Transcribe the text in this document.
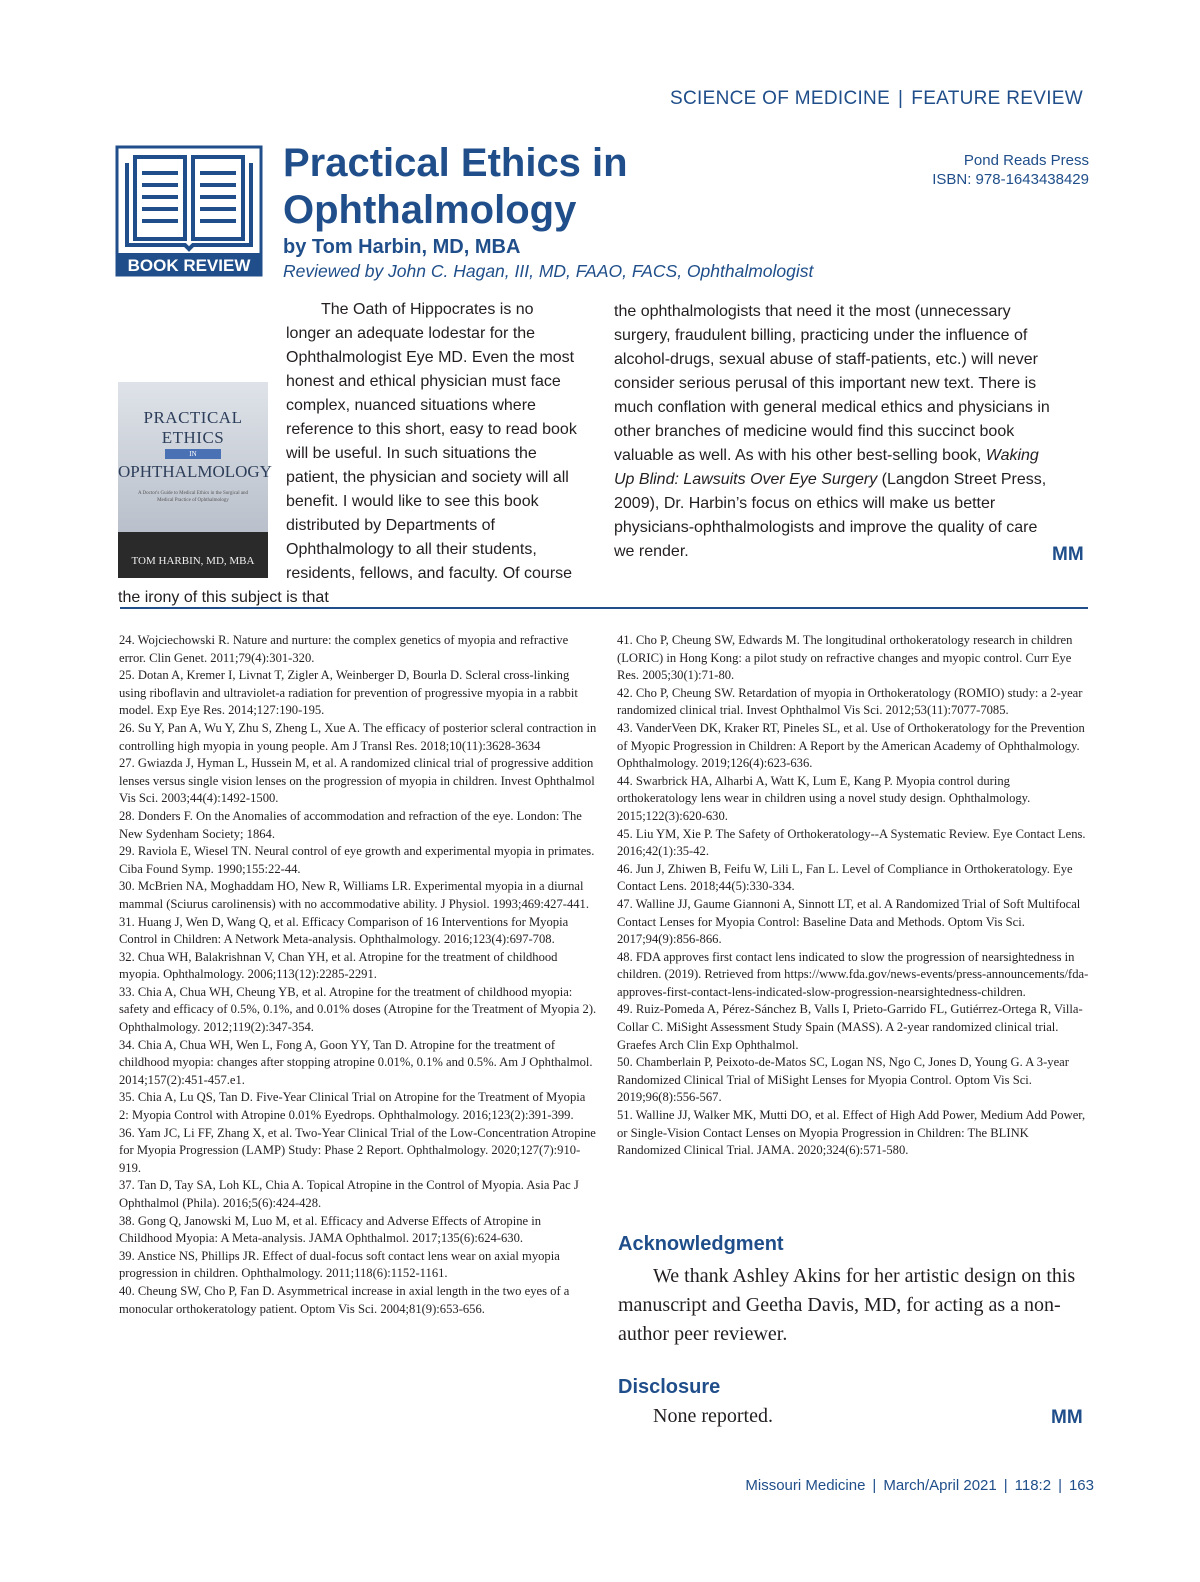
SCIENCE OF MEDICINE | FEATURE REVIEW
BOOK REVIEW
Practical Ethics in Ophthalmology
by Tom Harbin, MD, MBA
Reviewed by John C. Hagan, III, MD, FAAO, FACS, Ophthalmologist
Pond Reads Press
ISBN: 978-1643438429
PRACTICAL
ETHICS
IN
OPHTHALMOLOGY
A Doctor's Guide to Medical Ethics in the Surgical and Medical Practice of Ophthalmology
TOM HARBIN, MD, MBA
The Oath of Hippocrates is no longer an adequate lodestar for the Ophthalmologist Eye MD. Even the most honest and ethical physician must face complex, nuanced situations where reference to this short, easy to read book will be useful. In such situations the patient, the physician and society will all benefit. I would like to see this book distributed by Departments of Ophthalmology to all their students, residents, fellows, and faculty. Of course the irony of this subject is that
the ophthalmologists that need it the most (unnecessary surgery, fraudulent billing, practicing under the influence of alcohol-drugs, sexual abuse of staff-patients, etc.) will never consider serious perusal of this important new text. There is much conflation with general medical ethics and physicians in other branches of medicine would find this succinct book valuable as well. As with his other best-selling book, Waking Up Blind: Lawsuits Over Eye Surgery (Langdon Street Press, 2009), Dr. Harbin’s focus on ethics will make us better physicians-ophthalmologists and improve the quality of care we render.	MM

24. Wojciechowski R. Nature and nurture: the complex genetics of myopia and refractive error. Clin Genet. 2011;79(4):301-320.

25. Dotan A, Kremer I, Livnat T, Zigler A, Weinberger D, Bourla D. Scleral cross-linking using riboflavin and ultraviolet-a radiation for prevention of progressive myopia in a rabbit model. Exp Eye Res. 2014;127:190-195.

26. Su Y, Pan A, Wu Y, Zhu S, Zheng L, Xue A. The efficacy of posterior scleral contraction in controlling high myopia in young people. Am J Transl Res. 2018;10(11):3628-3634

27. Gwiazda J, Hyman L, Hussein M, et al. A randomized clinical trial of progressive addition lenses versus single vision lenses on the progression of myopia in children. Invest Ophthalmol Vis Sci. 2003;44(4):1492-1500.

28. Donders F. On the Anomalies of accommodation and refraction of the eye. London: The New Sydenham Society; 1864.

29. Raviola E, Wiesel TN. Neural control of eye growth and experimental myopia in primates. Ciba Found Symp. 1990;155:22-44.

30. McBrien NA, Moghaddam HO, New R, Williams LR. Experimental myopia in a diurnal mammal (Sciurus carolinensis) with no accommodative ability. J Physiol. 1993;469:427-441.

31. Huang J, Wen D, Wang Q, et al. Efficacy Comparison of 16 Interventions for Myopia Control in Children: A Network Meta-analysis. Ophthalmology. 2016;123(4):697-708.

32. Chua WH, Balakrishnan V, Chan YH, et al. Atropine for the treatment of childhood myopia. Ophthalmology. 2006;113(12):2285-2291.

33. Chia A, Chua WH, Cheung YB, et al. Atropine for the treatment of childhood myopia: safety and efficacy of 0.5%, 0.1%, and 0.01% doses (Atropine for the Treatment of Myopia 2). Ophthalmology. 2012;119(2):347-354.

34. Chia A, Chua WH, Wen L, Fong A, Goon YY, Tan D. Atropine for the treatment of childhood myopia: changes after stopping atropine 0.01%, 0.1% and 0.5%. Am J Ophthalmol. 2014;157(2):451-457.e1.

35. Chia A, Lu QS, Tan D. Five-Year Clinical Trial on Atropine for the Treatment of Myopia 2: Myopia Control with Atropine 0.01% Eyedrops. Ophthalmology. 2016;123(2):391-399.

36. Yam JC, Li FF, Zhang X, et al. Two-Year Clinical Trial of the Low-Concentration Atropine for Myopia Progression (LAMP) Study: Phase 2 Report. Ophthalmology. 2020;127(7):910-919.

37. Tan D, Tay SA, Loh KL, Chia A. Topical Atropine in the Control of Myopia. Asia Pac J Ophthalmol (Phila). 2016;5(6):424-428.

38. Gong Q, Janowski M, Luo M, et al. Efficacy and Adverse Effects of Atropine in Childhood Myopia: A Meta-analysis. JAMA Ophthalmol. 2017;135(6):624-630.

39. Anstice NS, Phillips JR. Effect of dual-focus soft contact lens wear on axial myopia progression in children. Ophthalmology. 2011;118(6):1152-1161.

40. Cheung SW, Cho P, Fan D. Asymmetrical increase in axial length in the two eyes of a monocular orthokeratology patient. Optom Vis Sci. 2004;81(9):653-656.

41. Cho P, Cheung SW, Edwards M. The longitudinal orthokeratology research in children (LORIC) in Hong Kong: a pilot study on refractive changes and myopic control. Curr Eye Res. 2005;30(1):71-80.

42. Cho P, Cheung SW. Retardation of myopia in Orthokeratology (ROMIO) study: a 2-year randomized clinical trial. Invest Ophthalmol Vis Sci. 2012;53(11):7077-7085.

43. VanderVeen DK, Kraker RT, Pineles SL, et al. Use of Orthokeratology for the Prevention of Myopic Progression in Children: A Report by the American Academy of Ophthalmology. Ophthalmology. 2019;126(4):623-636.

44. Swarbrick HA, Alharbi A, Watt K, Lum E, Kang P. Myopia control during orthokeratology lens wear in children using a novel study design. Ophthalmology. 2015;122(3):620-630.

45. Liu YM, Xie P. The Safety of Orthokeratology--A Systematic Review. Eye Contact Lens. 2016;42(1):35-42.

46. Jun J, Zhiwen B, Feifu W, Lili L, Fan L. Level of Compliance in Orthokeratology. Eye Contact Lens. 2018;44(5):330-334.

47. Walline JJ, Gaume Giannoni A, Sinnott LT, et al. A Randomized Trial of Soft Multifocal Contact Lenses for Myopia Control: Baseline Data and Methods. Optom Vis Sci. 2017;94(9):856-866.

48. FDA approves first contact lens indicated to slow the progression of nearsightedness in children. (2019). Retrieved from https://www.fda.gov/news-events/press-announcements/fda-approves-first-contact-lens-indicated-slow-progression-nearsightedness-children.

49. Ruiz-Pomeda A, Pérez-Sánchez B, Valls I, Prieto-Garrido FL, Gutiérrez-Ortega R, Villa-Collar C. MiSight Assessment Study Spain (MASS). A 2-year randomized clinical trial. Graefes Arch Clin Exp Ophthalmol.

50. Chamberlain P, Peixoto-de-Matos SC, Logan NS, Ngo C, Jones D, Young G. A 3-year Randomized Clinical Trial of MiSight Lenses for Myopia Control. Optom Vis Sci. 2019;96(8):556-567.

51. Walline JJ, Walker MK, Mutti DO, et al. Effect of High Add Power, Medium Add Power, or Single-Vision Contact Lenses on Myopia Progression in Children: The BLINK Randomized Clinical Trial. JAMA. 2020;324(6):571-580.

Acknowledgment
We thank Ashley Akins for her artistic design on this manuscript and Geetha Davis, MD, for acting as a non-author peer reviewer.
Disclosure
None reported.	MM
Missouri Medicine | March/April 2021 | 118:2 | 163
